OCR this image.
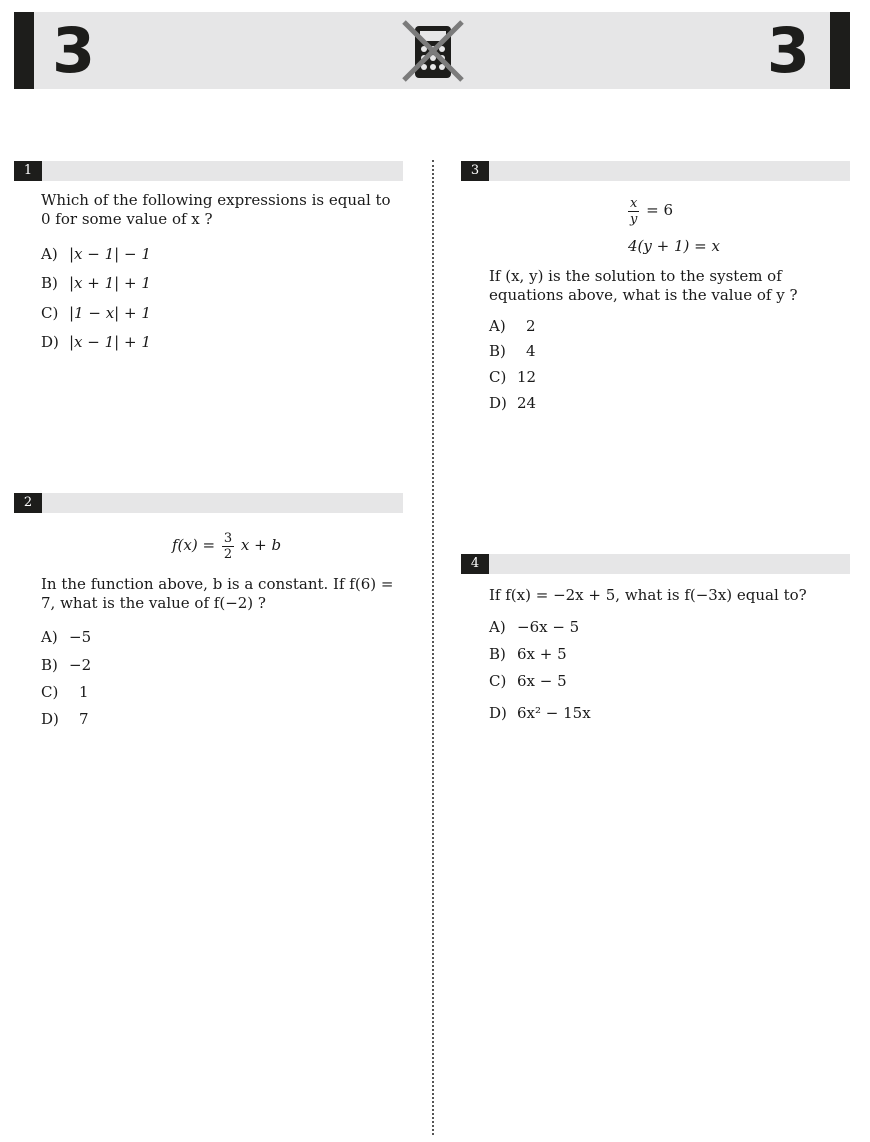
3	3
1
Which of the following expressions is equal to 0 for some value of x ?
A) |x − 1| − 1
B) |x + 1| + 1
C) |1 − x| + 1
D) |x − 1| + 1
2
$f(x) = \frac{3}{2}$ x + b
In the function above, b is a constant. If f(6) = 7, what is the value of f(−2) ?
A) −5
B) −2
C) 1
D) 7
3
$\frac{x}{y} = 6$
4(y + 1) = x
If (x, y) is the solution to the system of equations above, what is the value of y ?
A) 2
B) 4
C) 12
D) 24
4
If f(x) = −2x + 5, what is f(−3x) equal to?
A) −6x − 5
B) 6x + 5
C) 6x − 5
D) 6x² − 15x
